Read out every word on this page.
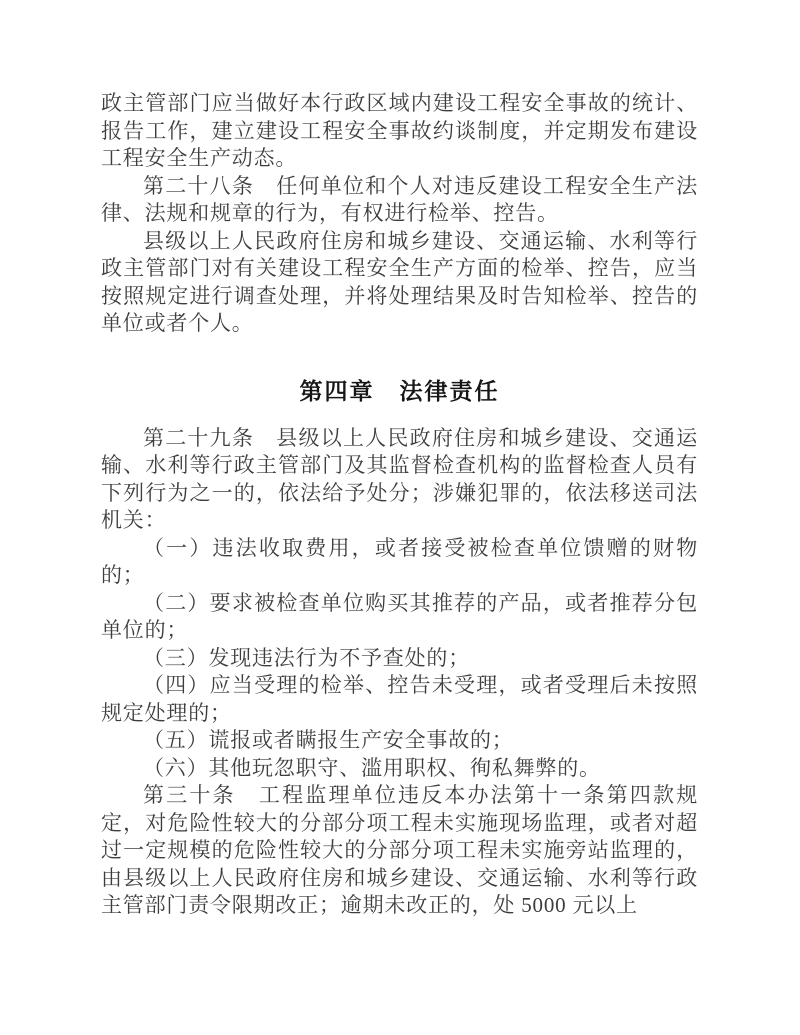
政主管部门应当做好本行政区域内建设工程安全事故的统计、报告工作，建立建设工程安全事故约谈制度，并定期发布建设工程安全生产动态。

第二十八条　任何单位和个人对违反建设工程安全生产法律、法规和规章的行为，有权进行检举、控告。

县级以上人民政府住房和城乡建设、交通运输、水利等行政主管部门对有关建设工程安全生产方面的检举、控告，应当按照规定进行调查处理，并将处理结果及时告知检举、控告的单位或者个人。

第四章　法律责任

第二十九条　县级以上人民政府住房和城乡建设、交通运输、水利等行政主管部门及其监督检查机构的监督检查人员有下列行为之一的，依法给予处分；涉嫌犯罪的，依法移送司法机关：

（一）违法收取费用，或者接受被检查单位馈赠的财物的；

（二）要求被检查单位购买其推荐的产品，或者推荐分包单位的；

（三）发现违法行为不予查处的；

（四）应当受理的检举、控告未受理，或者受理后未按照规定处理的；

（五）谎报或者瞒报生产安全事故的；

（六）其他玩忽职守、滥用职权、徇私舞弊的。

第三十条　工程监理单位违反本办法第十一条第四款规定，对危险性较大的分部分项工程未实施现场监理，或者对超过一定规模的危险性较大的分部分项工程未实施旁站监理的，由县级以上人民政府住房和城乡建设、交通运输、水利等行政主管部门责令限期改正；逾期未改正的，处 5000 元以上
